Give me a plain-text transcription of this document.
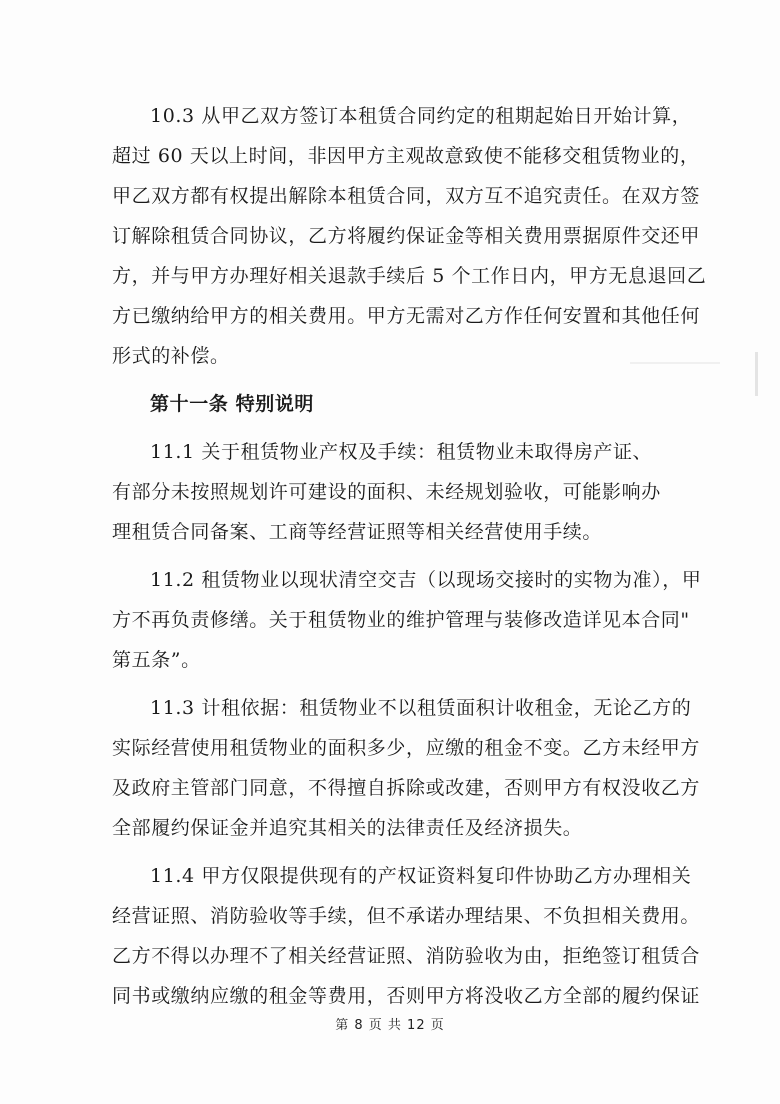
10.3 从甲乙双方签订本租赁合同约定的租期起始日开始计算，
超过 60 天以上时间，非因甲方主观故意致使不能移交租赁物业的，
甲乙双方都有权提出解除本租赁合同，双方互不追究责任。在双方签
订解除租赁合同协议，乙方将履约保证金等相关费用票据原件交还甲
方，并与甲方办理好相关退款手续后 5 个工作日内，甲方无息退回乙
方已缴纳给甲方的相关费用。甲方无需对乙方作任何安置和其他任何
形式的补偿。

第十一条 特别说明

11.1 关于租赁物业产权及手续：租赁物业未取得房产证、
有部分未按照规划许可建设的面积、未经规划验收，可能影响办
理租赁合同备案、工商等经营证照等相关经营使用手续。

11.2 租赁物业以现状清空交吉（以现场交接时的实物为准），甲
方不再负责修缮。关于租赁物业的维护管理与装修改造详见本合同"
第五条”。

11.3 计租依据：租赁物业不以租赁面积计收租金，无论乙方的
实际经营使用租赁物业的面积多少，应缴的租金不变。乙方未经甲方
及政府主管部门同意，不得擅自拆除或改建，否则甲方有权没收乙方
全部履约保证金并追究其相关的法律责任及经济损失。

11.4 甲方仅限提供现有的产权证资料复印件协助乙方办理相关
经营证照、消防验收等手续，但不承诺办理结果、不负担相关费用。
乙方不得以办理不了相关经营证照、消防验收为由，拒绝签订租赁合
同书或缴纳应缴的租金等费用，否则甲方将没收乙方全部的履约保证

第 8 页 共 12 页
